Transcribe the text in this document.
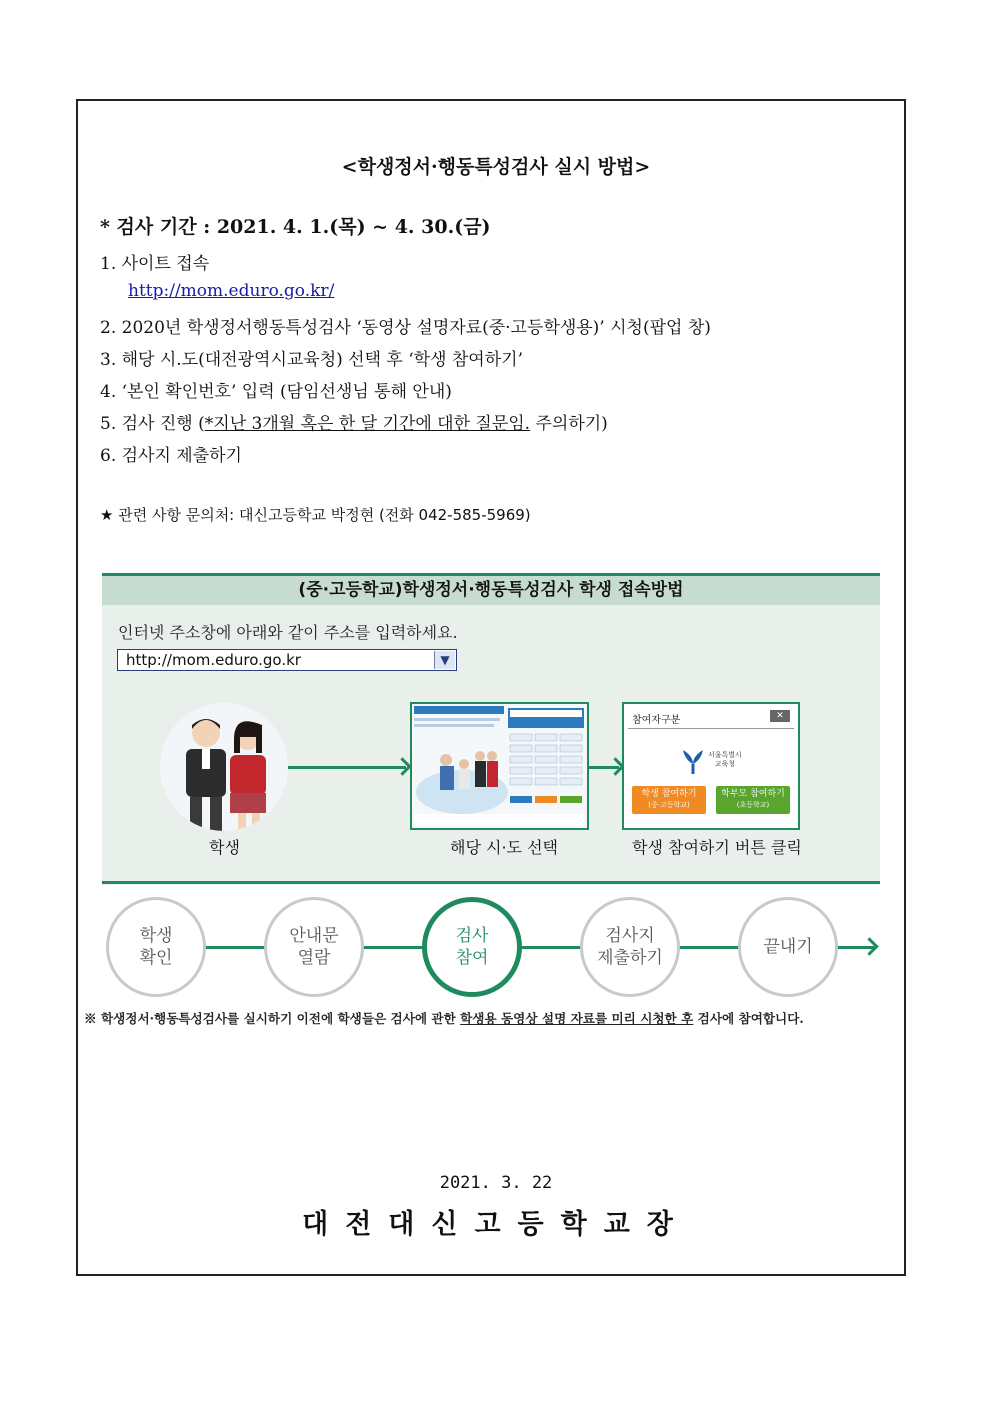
<학생정서·행동특성검사 실시 방법>
* 검사 기간 : 2021. 4. 1.(목) ~ 4. 30.(금)
1. 사이트 접속
http://mom.eduro.go.kr/
2. 2020년 학생정서행동특성검사 ‘동영상 설명자료(중·고등학생용)’ 시청(팝업 창)
3. 해당 시.도(대전광역시교육청) 선택 후 ‘학생 참여하기’
4. ‘본인 확인번호’ 입력 (담임선생님 통해 안내)
5. 검사 진행 (*지난 3개월 혹은 한 달 기간에 대한 질문임. 주의하기)
6. 검사지 제출하기
★ 관련 사항 문의처: 대신고등학교 박정현 (전화 042-585-5969)
(중·고등학교)학생정서·행동특성검사 학생 접속방법
인터넷 주소창에 아래와 같이 주소를 입력하세요.
http://mom.eduro.go.kr	▼
참여자구분	✕
서울특별시
교육청
학생 참여하기
(중·고등학교)
학부모 참여하기
(초등학교)
학생	해당 시·도 선택	학생 참여하기 버튼 클릭
학생
확인
안내문
열람
검사
참여
검사지
제출하기
끝내기
※ 학생정서·행동특성검사를 실시하기 이전에 학생들은 검사에 관한 학생용 동영상 설명 자료를 미리 시청한 후 검사에 참여합니다.
2021. 3. 22
대전대신고등학교장
